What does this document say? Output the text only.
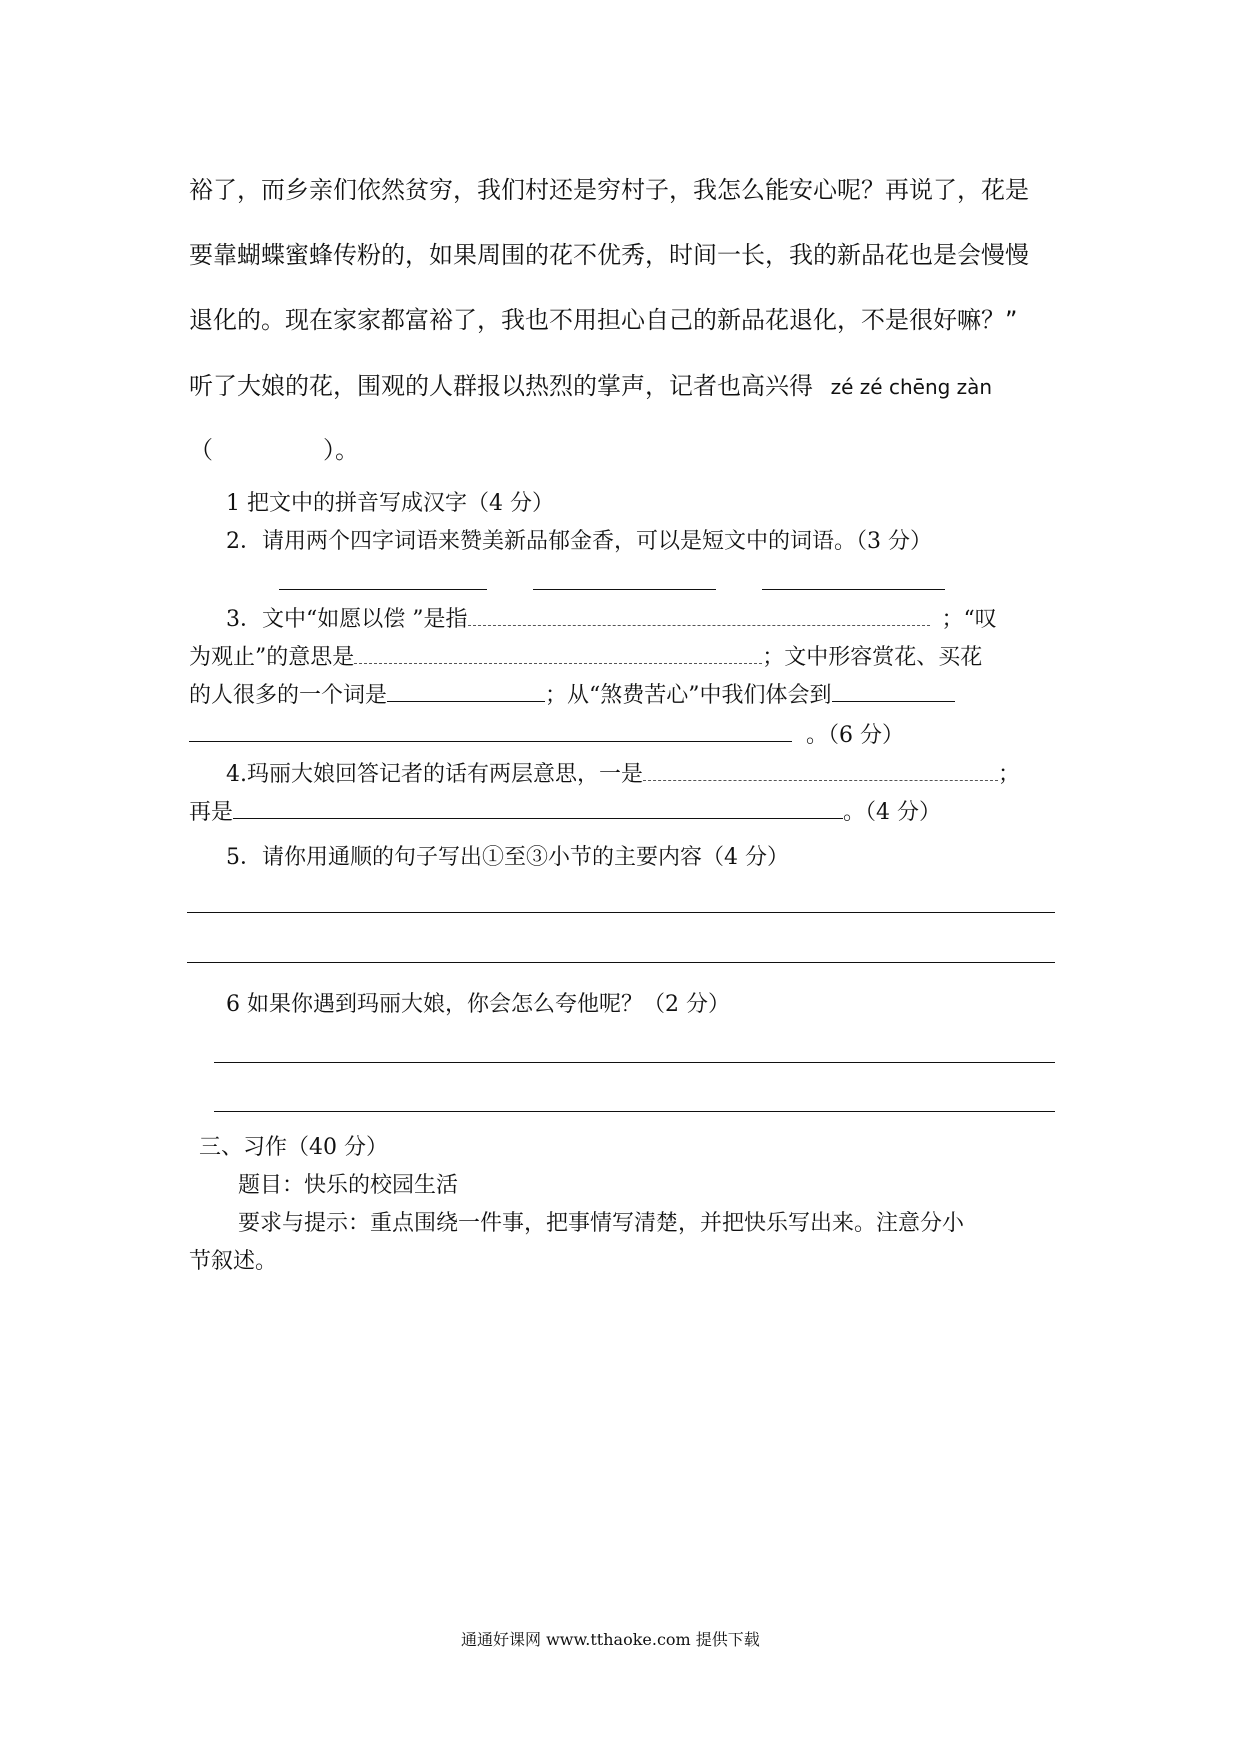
裕了，而乡亲们依然贫穷，我们村还是穷村子，我怎么能安心呢？再说了，花是
要靠蝴蝶蜜蜂传粉的，如果周围的花不优秀，时间一长，我的新品花也是会慢慢
退化的。现在家家都富裕了，我也不用担心自己的新品花退化，不是很好嘛？”
听了大娘的花，围观的人群报以热烈的掌声，记者也高兴得 zé zé chēng zàn
（	）。
1 把文中的拼音写成汉字（4 分）
2．请用两个四字词语来赞美新品郁金香，可以是短文中的词语。（3 分）
3．文中“如愿以偿 ”是指	；“叹
为观止”的意思是	；文中形容赏花、买花
的人很多的一个词是	；从“煞费苦心”中我们体会到
。（6 分）
4.玛丽大娘回答记者的话有两层意思，一是	；
再是	。（4 分）
5．请你用通顺的句子写出①至③小节的主要内容（4 分）
6 如果你遇到玛丽大娘，你会怎么夸他呢？（2 分）
三、习作（40 分）
题目：快乐的校园生活
要求与提示：重点围绕一件事，把事情写清楚，并把快乐写出来。注意分小
节叙述。
通通好课网 www.tthaoke.com 提供下载
